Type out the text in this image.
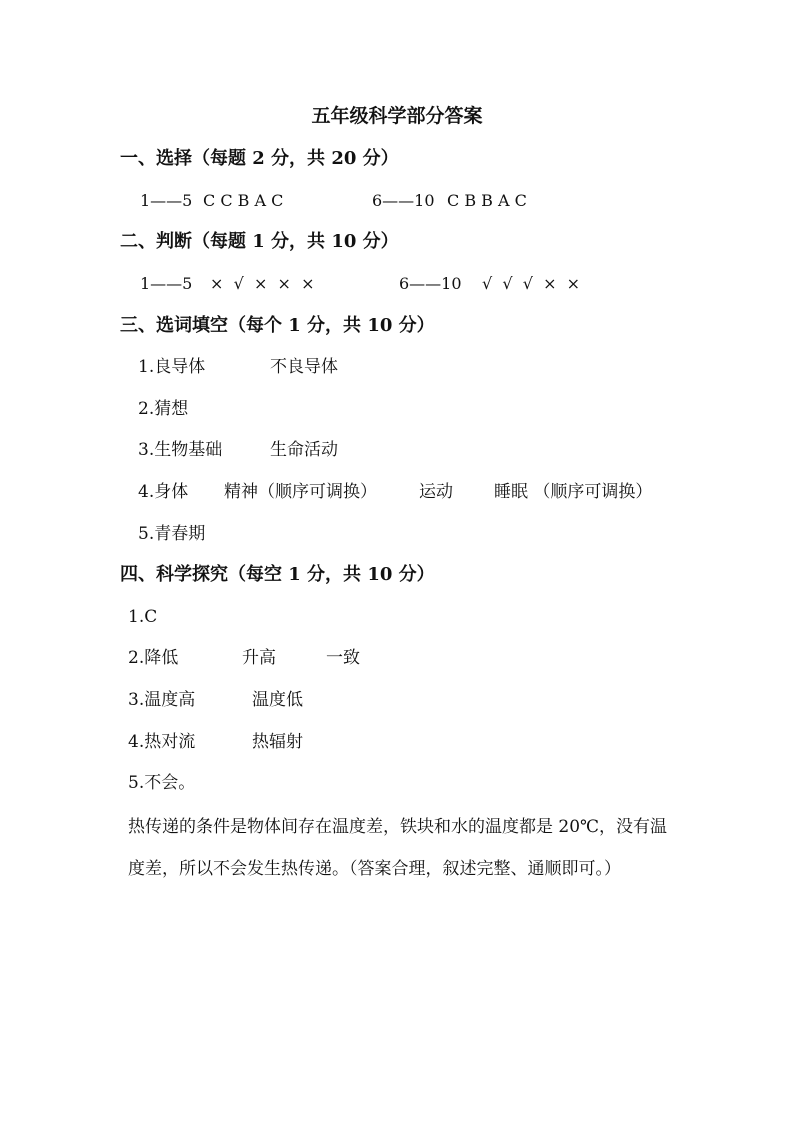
五年级科学部分答案
一、选择（每题 2 分，共 20 分）
1——5 C C B A C	6——10 C B B A C
二、判断（每题 1 分，共 10 分）
1——5 ×  √  ×  ×  ×	6——10 √  √  √  ×  ×
三、选词填空（每个 1 分，共 10 分）
1.良导体	不良导体
2.猜想
3.生物基础	生命活动
4.身体 精神（顺序可调换） 运动 睡眠 （顺序可调换）
5.青春期
四、科学探究（每空 1 分，共 10 分）
1.C
2.降低	升高	一致
3.温度高	温度低
4.热对流	热辐射
5.不会。
热传递的条件是物体间存在温度差，铁块和水的温度都是 20℃，没有温度差，所以不会发生热传递。（答案合理，叙述完整、通顺即可。）
